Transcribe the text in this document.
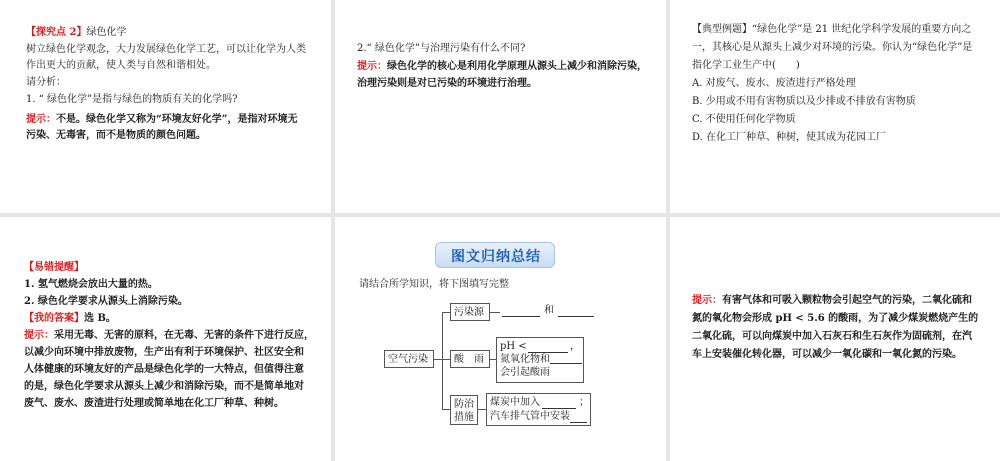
【探究点 2】绿色化学
树立绿色化学观念，大力发展绿色化学工艺，可以让化学为人类
作出更大的贡献，使人类与自然和谐相处。
请分析：
1. “ 绿色化学”是指与绿色的物质有关的化学吗?
提示：不是。绿色化学又称为“环境友好化学”，是指对环境无
污染、无毒害，而不是物质的颜色问题。
2.“ 绿色化学”与治理污染有什么不同?
提示：绿色化学的核心是利用化学原理从源头上减少和消除污染，
治理污染则是对已污染的环境进行治理。
【典型例题】“绿色化学”是 21 世纪化学科学发展的重要方向之
一，其核心是从源头上减少对环境的污染。你认为“绿色化学”是
指化学工业生产中(　　)
A. 对废气、废水、废渣进行严格处理
B. 少用或不用有害物质以及少排或不排放有害物质
C. 不使用任何化学物质
D. 在化工厂种草、种树，使其成为花园工厂
【易错提醒】
1. 氢气燃烧会放出大量的热。
2. 绿色化学要求从源头上消除污染。
【我的答案】选 B。
提示：采用无毒、无害的原料，在无毒、无害的条件下进行反应，
以减少向环境中排放废物，生产出有利于环境保护、社区安全和
人体健康的环境友好的产品是绿色化学的一大特点，但值得注意
的是，绿色化学要求从源头上减少和消除污染，而不是简单地对
废气、废水、废渣进行处理或简单地在化工厂种草、种树。
图文归纳总结
请结合所学知识，将下图填写完整
空气污染
污染源	和
酸　雨
pH <	，
氮氧化物和
会引起酸雨
防治
措施
煤炭中加入	；
汽车排气管中安装
提示：有害气体和可吸入颗粒物会引起空气的污染，二氧化硫和
氮的氧化物会形成 pH < 5.6 的酸雨，为了减少煤炭燃烧产生的
二氧化硫，可以向煤炭中加入石灰石和生石灰作为固硫剂，在汽
车上安装催化转化器，可以减少一氧化碳和一氧化氮的污染。
